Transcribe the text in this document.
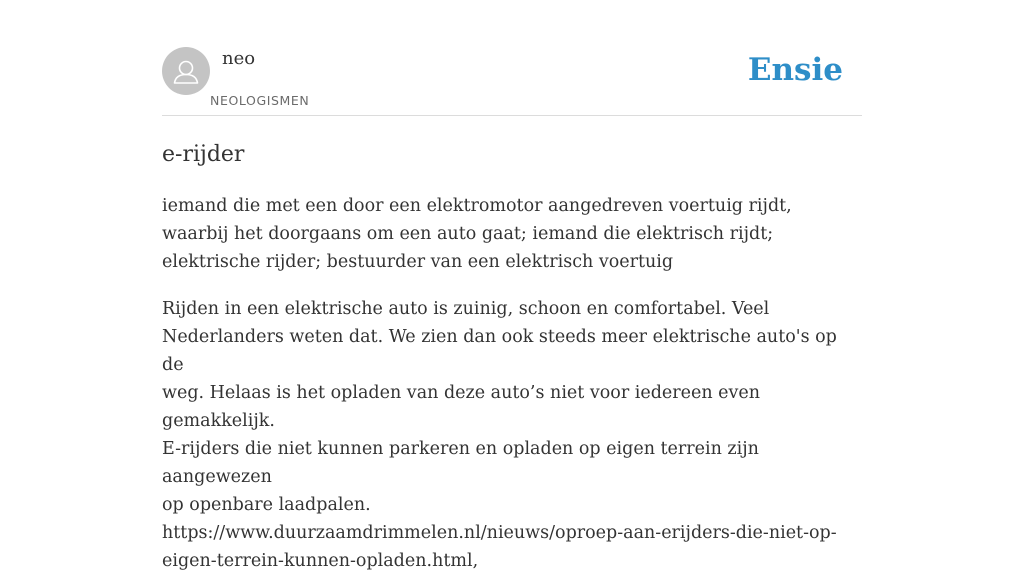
neo
NEOLOGISMEN
Ensie
e-rijder

iemand die met een door een elektromotor aangedreven voertuig rijdt, waarbij het doorgaans om een auto gaat; iemand die elektrisch rijdt; elektrische rijder; bestuurder van een elektrisch voertuig

Rijden in een elektrische auto is zuinig, schoon en comfortabel. Veel
Nederlanders weten dat. We zien dan ook steeds meer elektrische auto's op de
weg. Helaas is het opladen van deze auto’s niet voor iedereen even gemakkelijk.
E-rijders die niet kunnen parkeren en opladen op eigen terrein zijn aangewezen
op openbare laadpalen.
https://www.duurzaamdrimmelen.nl/nieuws/oproep-aan-erijders-die-niet-op-
eigen-terrein-kunnen-opladen.html,
